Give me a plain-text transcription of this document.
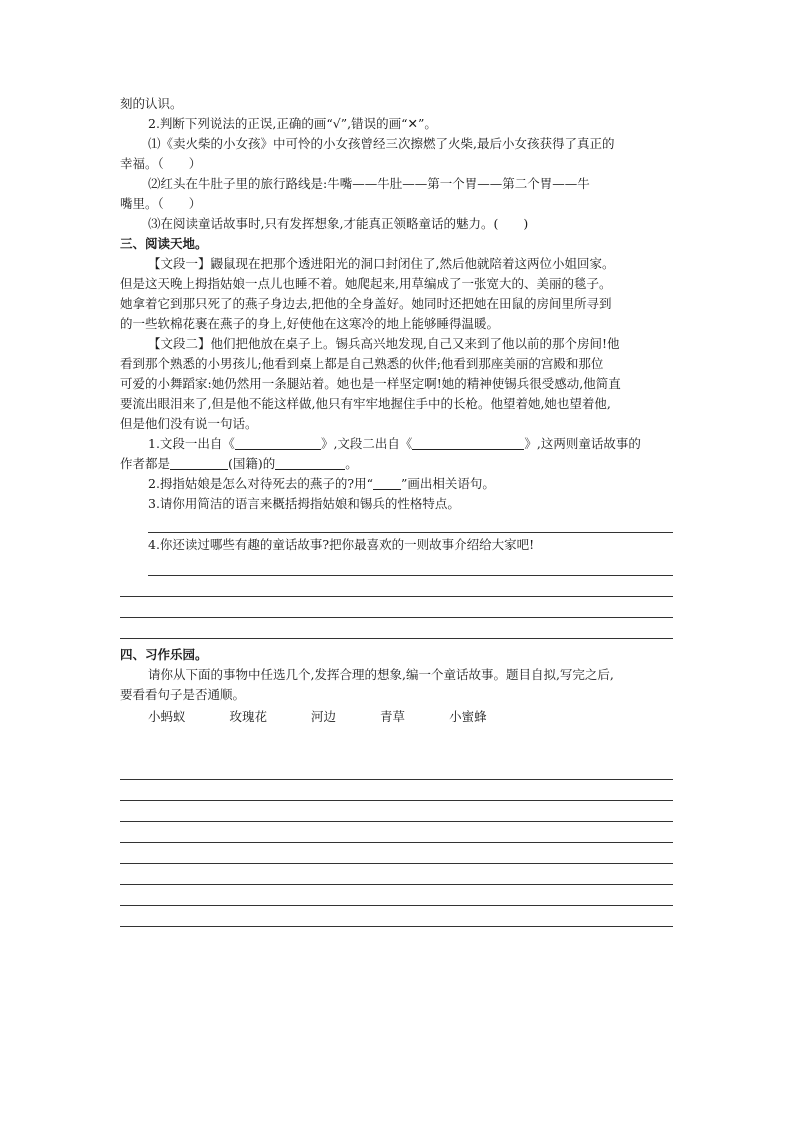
刻的认识。
2.判断下列说法的正误,正确的画“√”,错误的画“✕”。
⑴《卖火柴的小女孩》中可怜的小女孩曾经三次擦燃了火柴,最后小女孩获得了真正的
幸福。（　　）
⑵红头在牛肚子里的旅行路线是:牛嘴——牛肚——第一个胃——第二个胃——牛
嘴里。（　　）
⑶在阅读童话故事时,只有发挥想象,才能真正领略童话的魅力。(　　)
三、阅读天地。
【文段一】鼹鼠现在把那个透进阳光的洞口封闭住了,然后他就陪着这两位小姐回家。
但是这天晚上拇指姑娘一点儿也睡不着。她爬起来,用草编成了一张宽大的、美丽的毯子。
她拿着它到那只死了的燕子身边去,把他的全身盖好。她同时还把她在田鼠的房间里所寻到
的一些软棉花裹在燕子的身上,好使他在这寒冷的地上能够睡得温暖。
【文段二】他们把他放在桌子上。锡兵高兴地发现,自己又来到了他以前的那个房间!他
看到那个熟悉的小男孩儿;他看到桌上都是自己熟悉的伙伴;他看到那座美丽的宫殿和那位
可爱的小舞蹈家:她仍然用一条腿站着。她也是一样坚定啊!她的精神使锡兵很受感动,他简直
要流出眼泪来了,但是他不能这样做,他只有牢牢地握住手中的长枪。他望着她,她也望着他,
但是他们没有说一句话。
1.文段一出自《	》,文段二出自《	》,这两则童话故事的
作者都是	(国籍)的	。
2.拇指姑娘是怎么对待死去的燕子的?用“ ”画出相关语句。
3.请你用简洁的语言来概括拇指姑娘和锡兵的性格特点。
4.你还读过哪些有趣的童话故事?把你最喜欢的一则故事介绍给大家吧!
四、习作乐园。
请你从下面的事物中任选几个,发挥合理的想象,编一个童话故事。题目自拟,写完之后,
要看看句子是否通顺。
小蚂蚁	玫瑰花	河边	青草	小蜜蜂
